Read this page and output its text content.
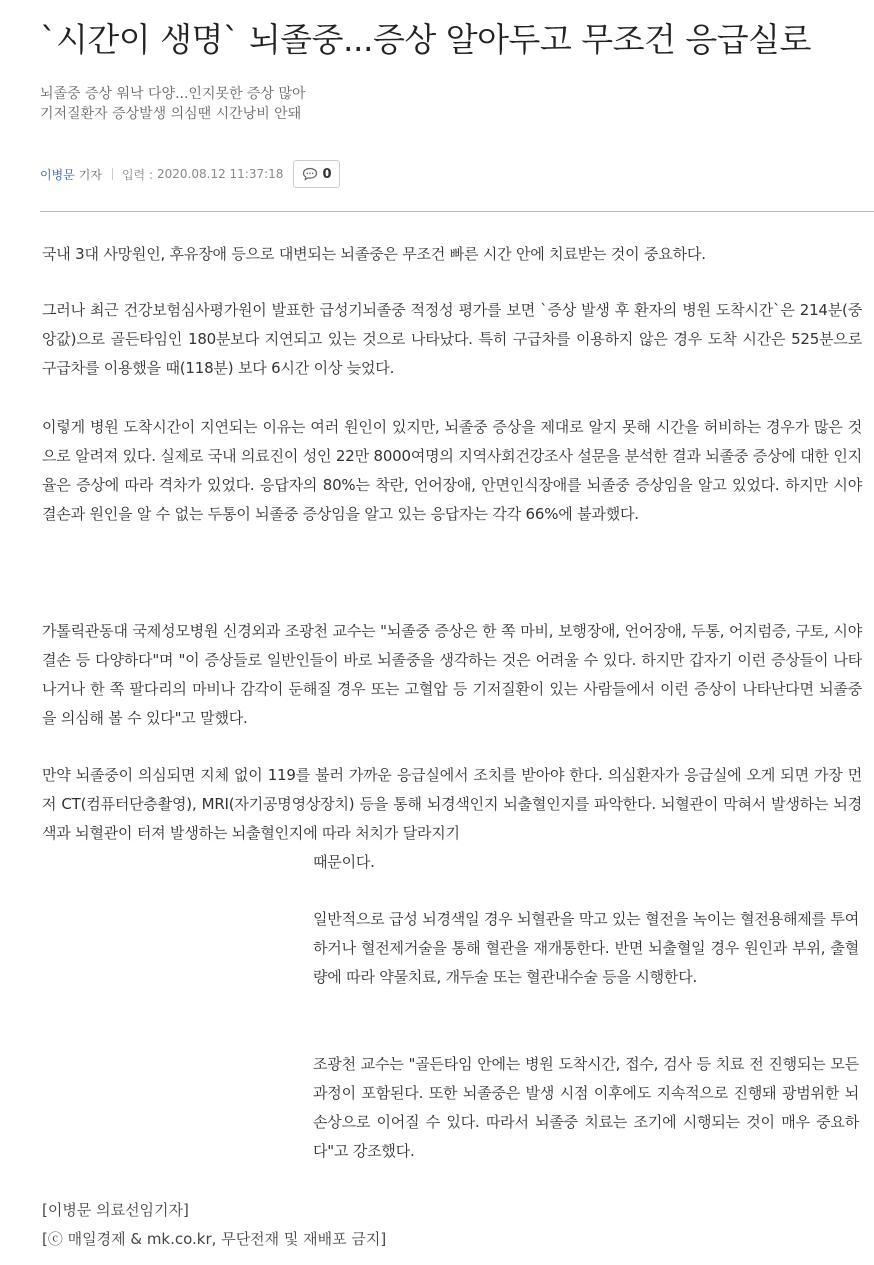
`시간이 생명` 뇌졸중...증상 알아두고 무조건 응급실로
뇌졸중 증상 워낙 다양...인지못한 증상 많아
기저질환자 증상발생 의심땐 시간낭비 안돼
이병문 기자 입력 : 2020.08.12 11:37:18	0

국내 3대 사망원인, 후유장애 등으로 대변되는 뇌졸중은 무조건 빠른 시간 안에 치료받는 것이 중요하다.

그러나 최근 건강보험심사평가원이 발표한 급성기뇌졸중 적정성 평가를 보면 `증상 발생 후 환자의 병원 도착시간`은 214분(중앙값)으로 골든타임인 180분보다 지연되고 있는 것으로 나타났다. 특히 구급차를 이용하지 않은 경우 도착 시간은 525분으로 구급차를 이용했을 때(118분) 보다 6시간 이상 늦었다.

이렇게 병원 도착시간이 지연되는 이유는 여러 원인이 있지만, 뇌졸중 증상을 제대로 알지 못해 시간을 허비하는 경우가 많은 것으로 알려져 있다. 실제로 국내 의료진이 성인 22만 8000여명의 지역사회건강조사 설문을 분석한 결과 뇌졸중 증상에 대한 인지율은 증상에 따라 격차가 있었다. 응답자의 80%는 착란, 언어장애, 안면인식장애를 뇌졸중 증상임을 알고 있었다. 하지만 시야 결손과 원인을 알 수 없는 두통이 뇌졸중 증상임을 알고 있는 응답자는 각각 66%에 불과했다.

가톨릭관동대 국제성모병원 신경외과 조광천 교수는 "뇌졸중 증상은 한 쪽 마비, 보행장애, 언어장애, 두통, 어지럼증, 구토, 시야 결손 등 다양하다"며 "이 증상들로 일반인들이 바로 뇌졸중을 생각하는 것은 어려울 수 있다. 하지만 갑자기 이런 증상들이 나타나거나 한 쪽 팔다리의 마비나 감각이 둔해질 경우 또는 고혈압 등 기저질환이 있는 사람들에서 이런 증상이 나타난다면 뇌졸중을 의심해 볼 수 있다"고 말했다.

만약 뇌졸중이 의심되면 지체 없이 119를 불러 가까운 응급실에서 조치를 받아야 한다. 의심환자가 응급실에 오게 되면 가장 먼저 CT(컴퓨터단층촬영), MRI(자기공명영상장치) 등을 통해 뇌경색인지 뇌출혈인지를 파악한다. 뇌혈관이 막혀서 발생하는 뇌경색과 뇌혈관이 터져 발생하는 뇌출혈인지에 따라 처치가 달라지기

때문이다.

일반적으로 급성 뇌경색일 경우 뇌혈관을 막고 있는 혈전을 녹이는 혈전용해제를 투여하거나 혈전제거술을 통해 혈관을 재개통한다. 반면 뇌출혈일 경우 원인과 부위, 출혈량에 따라 약물치료, 개두술 또는 혈관내수술 등을 시행한다.

조광천 교수는 "골든타임 안에는 병원 도착시간, 접수, 검사 등 치료 전 진행되는 모든 과정이 포함된다. 또한 뇌졸중은 발생 시점 이후에도 지속적으로 진행돼 광범위한 뇌손상으로 이어질 수 있다. 따라서 뇌졸중 치료는 조기에 시행되는 것이 매우 중요하다"고 강조했다.

[이병문 의료선임기자]
[ⓒ 매일경제 & mk.co.kr, 무단전재 및 재배포 금지]
